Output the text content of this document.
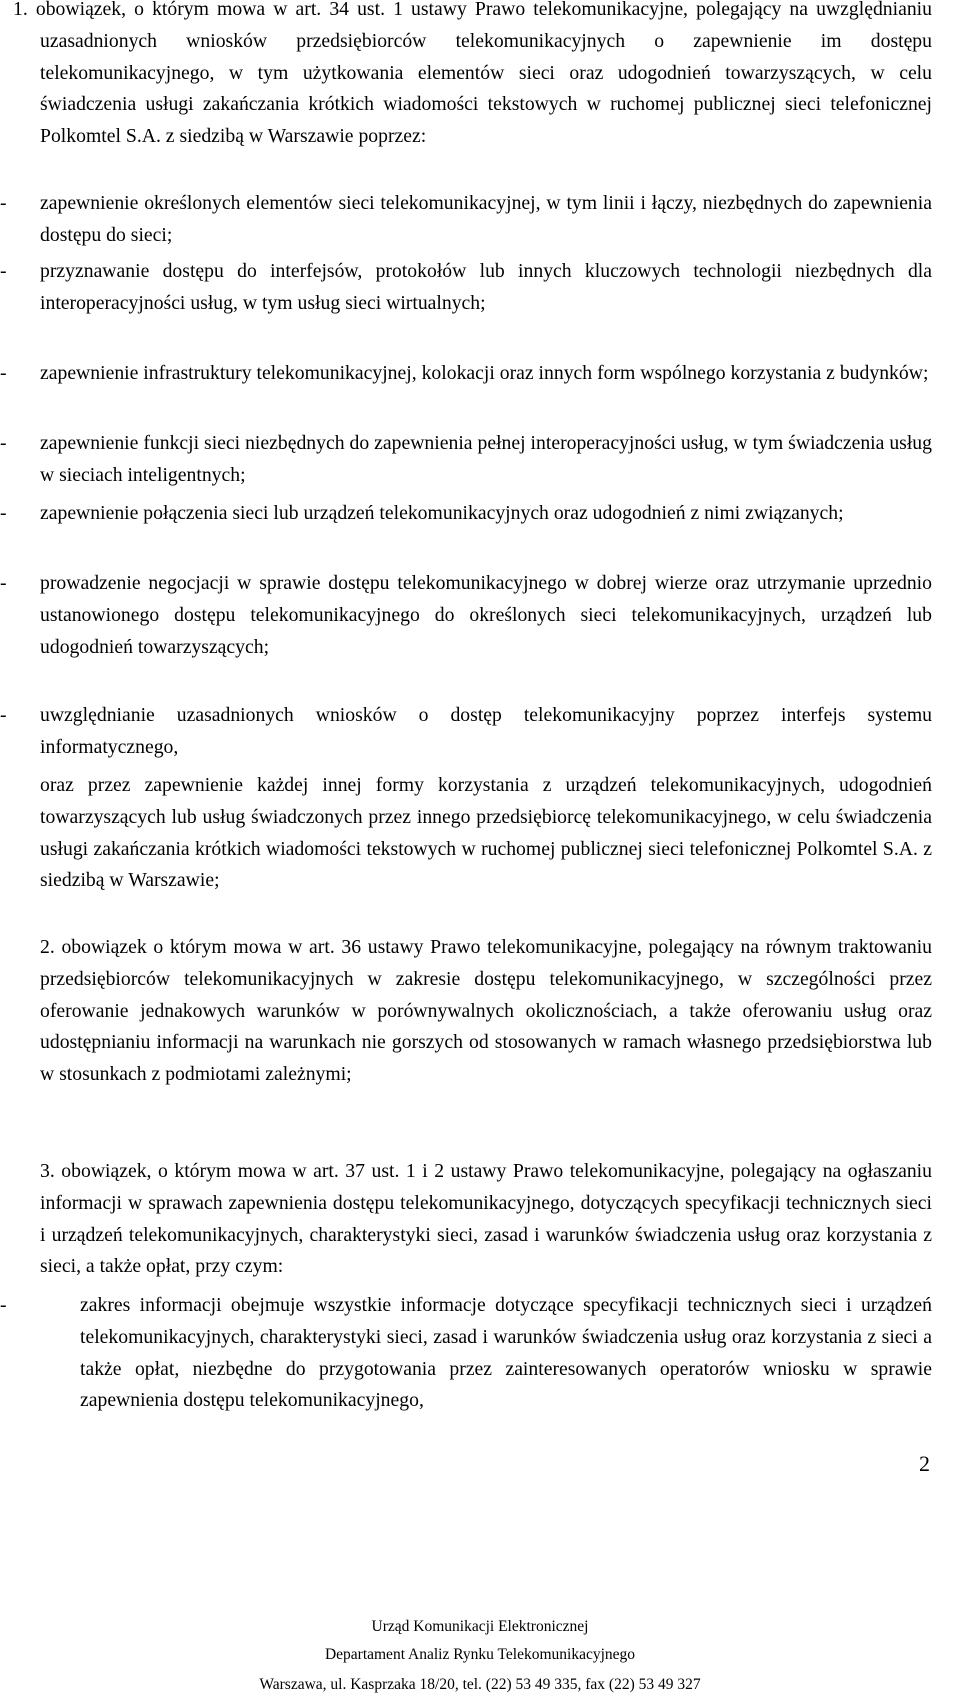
1. obowiązek, o którym mowa w art. 34 ust. 1 ustawy Prawo telekomunikacyjne, polegający na uwzględnianiu uzasadnionych wniosków przedsiębiorców telekomunikacyjnych o zapewnienie im dostępu telekomunikacyjnego, w tym użytkowania elementów sieci oraz udogodnień towarzyszących, w celu świadczenia usługi zakańczania krótkich wiadomości tekstowych w ruchomej publicznej sieci telefonicznej Polkomtel S.A. z siedzibą w Warszawie poprzez:
- zapewnienie określonych elementów sieci telekomunikacyjnej, w tym linii i łączy, niezbędnych do zapewnienia dostępu do sieci;
- przyznawanie dostępu do interfejsów, protokołów lub innych kluczowych technologii niezbędnych dla interoperacyjności usług, w tym usług sieci wirtualnych;
- zapewnienie infrastruktury telekomunikacyjnej, kolokacji oraz innych form wspólnego korzystania z budynków;
- zapewnienie funkcji sieci niezbędnych do zapewnienia pełnej interoperacyjności usług, w tym świadczenia usług w sieciach inteligentnych;
- zapewnienie połączenia sieci lub urządzeń telekomunikacyjnych oraz udogodnień z nimi związanych;
- prowadzenie negocjacji w sprawie dostępu telekomunikacyjnego w dobrej wierze oraz utrzymanie uprzednio ustanowionego dostępu telekomunikacyjnego do określonych sieci telekomunikacyjnych, urządzeń lub udogodnień towarzyszących;
- uwzględnianie uzasadnionych wniosków o dostęp telekomunikacyjny poprzez interfejs systemu informatycznego,
oraz przez zapewnienie każdej innej formy korzystania z urządzeń telekomunikacyjnych, udogodnień towarzyszących lub usług świadczonych przez innego przedsiębiorcę telekomunikacyjnego, w celu świadczenia usługi zakańczania krótkich wiadomości tekstowych w ruchomej publicznej sieci telefonicznej Polkomtel S.A. z siedzibą w Warszawie;
2. obowiązek o którym mowa w art. 36 ustawy Prawo telekomunikacyjne, polegający na równym traktowaniu przedsiębiorców telekomunikacyjnych w zakresie dostępu telekomunikacyjnego, w szczególności przez oferowanie jednakowych warunków w porównywalnych okolicznościach, a także oferowaniu usług oraz udostępnianiu informacji na warunkach nie gorszych od stosowanych w ramach własnego przedsiębiorstwa lub w stosunkach z podmiotami zależnymi;
3. obowiązek, o którym mowa w art. 37 ust. 1 i 2 ustawy Prawo telekomunikacyjne, polegający na ogłaszaniu informacji w sprawach zapewnienia dostępu telekomunikacyjnego, dotyczących specyfikacji technicznych sieci i urządzeń telekomunikacyjnych, charakterystyki sieci, zasad i warunków świadczenia usług oraz korzystania z sieci, a także opłat, przy czym:
-	zakres informacji obejmuje wszystkie informacje dotyczące specyfikacji technicznych sieci i urządzeń telekomunikacyjnych, charakterystyki sieci, zasad i warunków świadczenia usług oraz korzystania z sieci a także opłat, niezbędne do przygotowania przez zainteresowanych operatorów wniosku w sprawie zapewnienia dostępu telekomunikacyjnego,
2
Urząd Komunikacji Elektronicznej
Departament Analiz Rynku Telekomunikacyjnego
Warszawa, ul. Kasprzaka 18/20, tel. (22) 53 49 335, fax (22) 53 49 327
